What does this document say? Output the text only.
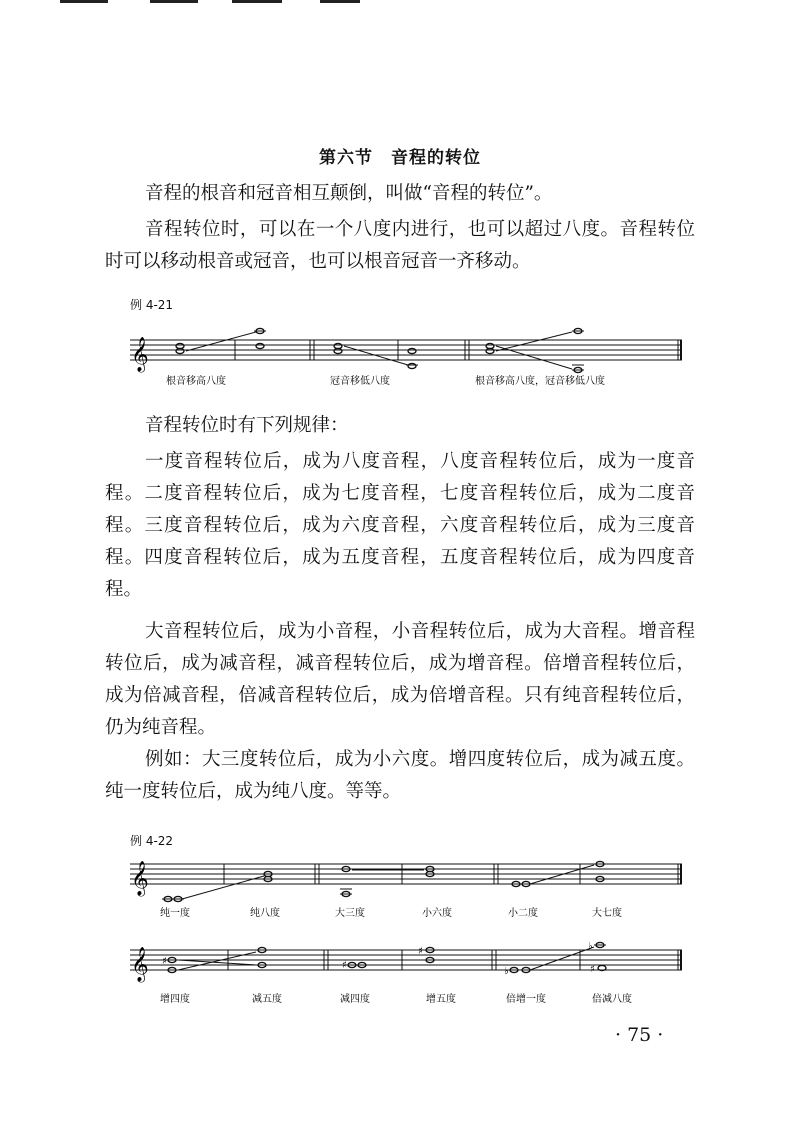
第六节　音程的转位

音程的根音和冠音相互颠倒，叫做“音程的转位”。

音程转位时，可以在一个八度内进行，也可以超过八度。音程转位时可以移动根音或冠音，也可以根音冠音一齐移动。

例 4-21
𝄞
根音移高八度	冠音移低八度	根音移高八度，冠音移低八度

音程转位时有下列规律：

一度音程转位后，成为八度音程，八度音程转位后，成为一度音程。二度音程转位后，成为七度音程，七度音程转位后，成为二度音程。三度音程转位后，成为六度音程，六度音程转位后，成为三度音程。四度音程转位后，成为五度音程，五度音程转位后，成为四度音程。

大音程转位后，成为小音程，小音程转位后，成为大音程。增音程转位后，成为减音程，减音程转位后，成为增音程。倍增音程转位后，成为倍减音程，倍减音程转位后，成为倍增音程。只有纯音程转位后，仍为纯音程。

例如：大三度转位后，成为小六度。增四度转位后，成为减五度。纯一度转位后，成为纯八度。等等。

例 4-22
𝄞
纯一度	纯八度	大三度	小六度	小二度	大七度
𝄞 ♯	♯
♯
♭
♭
♯
增四度	减五度	减四度	增五度	倍增一度	倍减八度
· 75 ·
